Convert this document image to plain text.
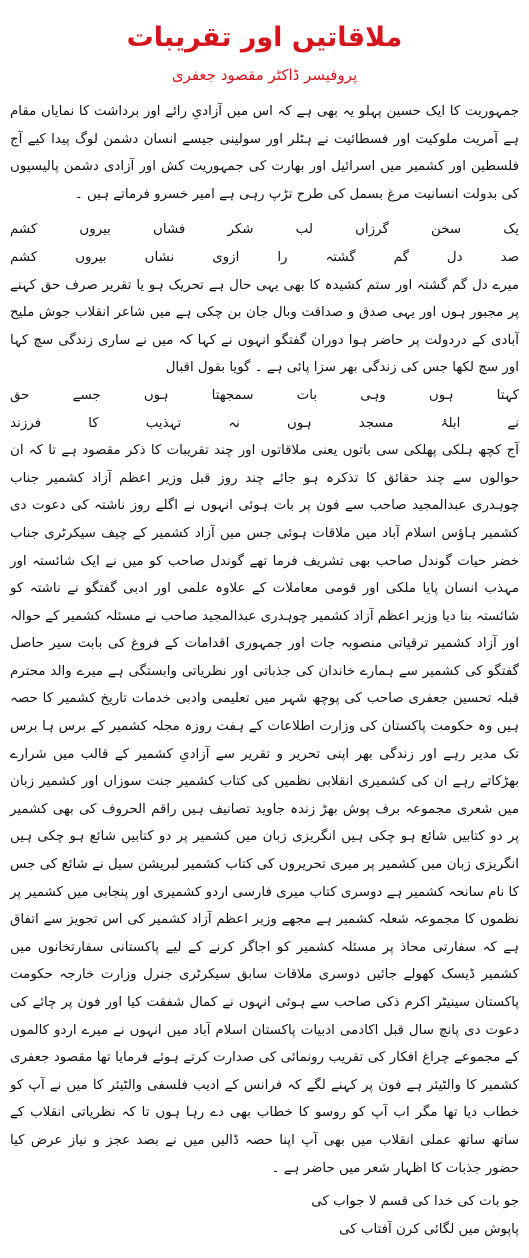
ملاقاتیں اور تقریبات
پروفیسر ڈاکٹر مقصود جعفری

جمہوریت کا ایک حسین پہلو یہ بھی ہے کہ اس میں آزادیِ رائے اور برداشت کا نمایاں مقام ہے آمریت ملوکیت اور فسطائیت نے ہٹلر اور سولینی جیسے انسان دشمن لوگ پیدا کیے آج فلسطین اور کشمیر میں اسرائیل اور بھارت کی جمہوریت کش اور آزادی دشمن پالیسیوں کی بدولت انسانیت مرغ بسمل کی طرح تڑپ رہی ہے امیر خسرو فرماتے ہیں ۔

یک
سخن
گرزاں
لب
شکر
فشاں
بیروں
کشم
صد
دل
گم
گشتہ
را
ازوی
نشاں
بیروں
کشم

میرے دل گم گشتہ اور ستم کشیدہ کا بھی یہی حال ہے تحریک ہو یا تقریر صرف حق کہنے پر مجبور ہوں اور یہی صدق و صداقت وبال جان بن چکی ہے میں شاعر انقلاب جوش ملیح آبادی کے دردولت پر حاضر ہوا دوران گفتگو انہوں نے کہا کہ میں نے ساری زندگی سچ کہا اور سچ لکھا جس کی زندگی بھر سزا پائی ہے ۔ گویا بقول اقبال

کہتا
ہوں
وہی
بات
سمجھتا
ہوں
جسے
حق
نے
ابلۂ
مسجد
ہوں
نہ
تہذیب
کا
فرزند

آج کچھ ہلکی پھلکی سی باتوں یعنی ملاقاتوں اور چند تقریبات کا ذکر مقصود ہے تا کہ ان حوالوں سے چند حقائق کا تذکرہ ہو جائے چند روز قبل وزیر اعظم آزاد کشمیر جناب چوہدری عبدالمجید صاحب سے فون پر بات ہوئی انہوں نے اگلے روز ناشتہ کی دعوت دی کشمیر ہاؤس اسلام آباد میں ملاقات ہوئی جس میں آزاد کشمیر کے چیف سیکرٹری جناب خضر حیات گوندل صاحب بھی تشریف فرما تھے گوندل صاحب کو میں نے ایک شائستہ اور مہذب انسان پایا ملکی اور قومی معاملات کے علاوہ علمی اور ادبی گفتگو نے ناشتہ کو شائستہ بنا دیا وزیر اعظم آزاد کشمیر چوہدری عبدالمجید صاحب نے مسئلہ کشمیر کے حوالہ اور آزاد کشمیر ترقیاتی منصوبہ جات اور جمہوری اقدامات کے فروغ کی بابت سیر حاصل گفتگو کی کشمیر سے ہمارے خاندان کی جذباتی اور نظریاتی وابستگی ہے میرے والد محترم قبلہ تحسین جعفری صاحب کی پوچھ شہر میں تعلیمی وادبی خدمات تاریخ کشمیر کا حصہ ہیں وہ حکومت پاکستان کی وزارت اطلاعات کے ہفت روزہ مجلہ کشمیر کے برس ہا برس تک مدیر رہے اور زندگی بھر اپنی تحریر و تقریر سے آزادیِ کشمیر کے قالب میں شرارے بھڑکاتے رہے ان کی کشمیری انقلابی نظمیں کی کتاب کشمیر جنت سوزاں اور کشمیر زبان میں شعری مجموعہ برف پوش بھڑ زندہ جاوید تصانیف ہیں راقم الحروف کی بھی کشمیر پر دو کتابیں شائع ہو چکی ہیں انگریزی زبان میں کشمیر پر دو کتابیں شائع ہو چکی ہیں انگریزی زبان میں کشمیر پر میری تحریروں کی کتاب کشمیر لبریشن سیل نے شائع کی جس کا نام سانحہ کشمیر ہے دوسری کتاب میری فارسی اردو کشمیری اور پنجابی میں کشمیر پر نظموں کا مجموعہ شعلہ کشمیر ہے مجھے وزیر اعظم آزاد کشمیر کی اس تجویز سے اتفاق ہے کہ سفارتی محاذ پر مسئلہ کشمیر کو اجاگر کرنے کے لیے پاکستانی سفارتخانوں میں کشمیر ڈیسک کھولے جائیں دوسری ملاقات سابق سیکرٹری جنرل وزارت خارجہ حکومت پاکستان سینیٹر اکرم ذکی صاحب سے ہوئی انہوں نے کمال شفقت کیا اور فون پر چائے کی دعوت دی پانچ سال قبل اکادمی ادبیات پاکستان اسلام آباد میں انہوں نے میرے اردو کالموں کے مجموعے چراغ افکار کی تقریب رونمائی کی صدارت کرتے ہوئے فرمایا تھا مقصود جعفری کشمیر کا والٹیئر ہے فون پر کہنے لگے کہ فرانس کے ادیب فلسفی والٹیئر کا میں نے آپ کو خطاب دیا تھا مگر اب آپ کو روسو کا خطاب بھی دے رہا ہوں تا کہ نظریاتی انقلاب کے ساتھ ساتھ عملی انقلاب میں بھی آپ اپنا حصہ ڈالیں میں نے بصد عجز و نیاز عرض کیا حضور جذبات کا اظہار شعر میں حاضر ہے ۔

جو بات کی خدا کی قسم لا جواب کی
پاپوش میں لگائی کرن آفتاب کی
